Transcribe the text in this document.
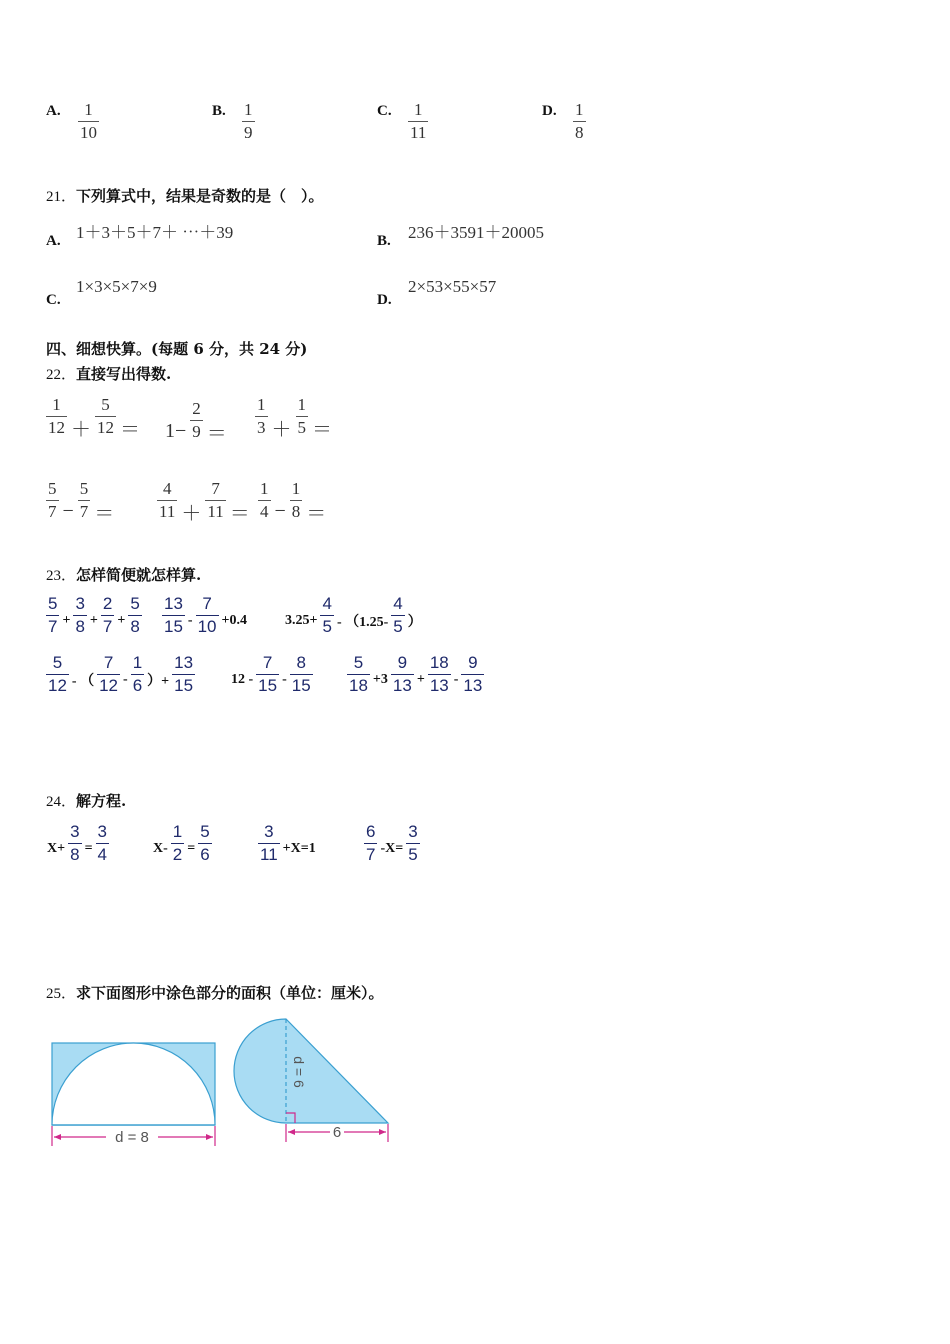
A.	B.	C.	D.
21．下列算式中，结果是奇数的是（　）。
A. 1＋3＋5＋7＋ ⋯＋39	B. 236＋3591＋20005
C.
1×3×5×7×9
D.
2×53×55×57
四、细想快算。(每题 6 分，共 24 分)
22．直接写出得数.
23．怎样简便就怎样算.
24．解方程.
25．求下面图形中涂色部分的面积（单位：厘米）。
d = 8
d = 6
6
$\frac{1}{10}$	$\frac{1}{9}$	$\frac{1}{11}$	$\frac{1}{8}$
$\frac{1}{12} + \frac{5}{12} = 1- \frac{2}{9} = \frac{1}{3} + \frac{1}{5}$ ＝
$\frac{5}{7} - \frac{5}{7}$ ＝	$\frac{4}{11} + \frac{7}{11} = \frac{1}{4} - \frac{1}{8}$ ＝
$\frac{5}{7} + \frac{3}{8} + \frac{2}{7} + \frac{5}{8} \frac{13}{15} - \frac{7}{10} +0.4$	$3.25+ \frac{4}{5} - (1.25- \frac{4}{5}$ ）
$\frac{5}{12}$ - （ $\frac{7}{12} - \frac{1}{6}$ ）+ $\frac{13}{15}$	$12 - \frac{7}{15} - \frac{8}{15} \frac{5}{18} +3 \frac{9}{13} + \frac{18}{13} - \frac{9}{13}$
$X+ \frac{3}{8} = \frac{3}{4}$	$X- \frac{1}{2} = \frac{5}{6}$	$\frac{3}{11} +X=1$	$\frac{6}{7} -X= \frac{3}{5}$
